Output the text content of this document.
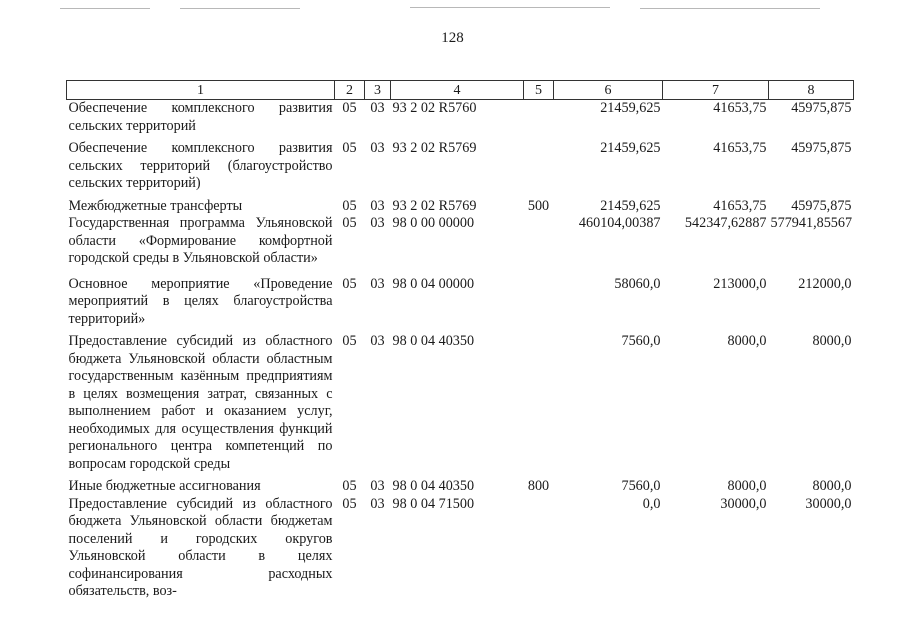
128
1	2	3	4	5	6	7	8
Обеспечение комплексного развития сельских территорий	05	03	93 2 02 R5760		21459,625	41653,75	45975,875
Обеспечение комплексного развития сельских территорий (благоустройство сельских территорий)	05	03	93 2 02 R5769		21459,625	41653,75	45975,875
Межбюджетные трансферты	05	03	93 2 02 R5769	500	21459,625	41653,75	45975,875
Государственная программа Ульяновской области «Формирование комфортной городской среды в Ульяновской области»	05	03	98 0 00 00000		460104,00387	542347,62887	577941,85567
Основное мероприятие «Проведение мероприятий в целях благоустройства территорий»	05	03	98 0 04 00000		58060,0	213000,0	212000,0
Предоставление субсидий из областного бюджета Ульяновской области областным государственным казённым предприятиям в целях возмещения затрат, связанных с выполнением работ и оказанием услуг, необходимых для осуществления функций регионального центра компетенций по вопросам городской среды	05	03	98 0 04 40350		7560,0	8000,0	8000,0
Иные бюджетные ассигнования	05	03	98 0 04 40350	800	7560,0	8000,0	8000,0
Предоставление субсидий из областного бюджета Ульяновской области бюджетам поселений и городских округов Ульяновской области в целях софинансирования расходных обязательств, воз-	05	03	98 0 04 71500		0,0	30000,0	30000,0
